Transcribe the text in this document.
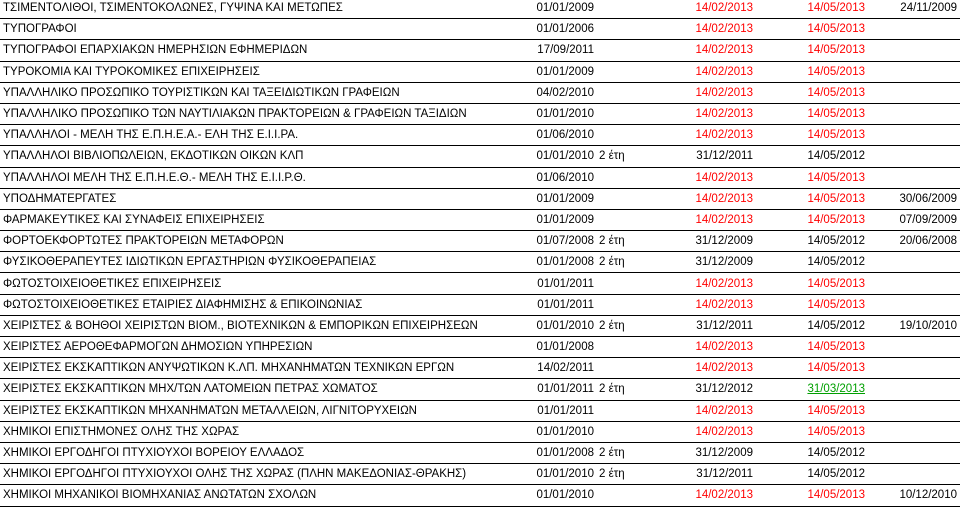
ΤΣΙΜΕΝΤΟΛΙΘΟΙ, ΤΣΙΜΕΝΤΟΚΟΛΩΝΕΣ, ΓΥΨΙΝΑ ΚΑΙ ΜΕΤΩΠΕΣ	01/01/2009		14/02/2013	14/05/2013	24/11/2009
ΤΥΠΟΓΡΑΦΟΙ	01/01/2006		14/02/2013	14/05/2013	
ΤΥΠΟΓΡΑΦΟΙ ΕΠΑΡΧΙΑΚΩΝ ΗΜΕΡΗΣΙΩΝ ΕΦΗΜΕΡΙΔΩΝ	17/09/2011		14/02/2013	14/05/2013	
ΤΥΡΟΚΟΜΙΑ ΚΑΙ ΤΥΡΟΚΟΜΙΚΕΣ ΕΠΙΧΕΙΡΗΣΕΙΣ	01/01/2009		14/02/2013	14/05/2013	
ΥΠΑΛΛΗΛΙΚΟ ΠΡΟΣΩΠΙΚΟ ΤΟΥΡΙΣΤΙΚΩΝ ΚΑΙ ΤΑΞΕΙΔΙΩΤΙΚΩΝ ΓΡΑΦΕΙΩΝ	04/02/2010		14/02/2013	14/05/2013	
ΥΠΑΛΛΗΛΙΚΟ ΠΡΟΣΩΠΙΚΟ ΤΩΝ ΝΑΥΤΙΛΙΑΚΩΝ ΠΡΑΚΤΟΡΕΙΩΝ & ΓΡΑΦΕΙΩΝ ΤΑΞΙΔΙΩΝ	01/01/2010		14/02/2013	14/05/2013	
ΥΠΑΛΛΗΛΟΙ - ΜΕΛΗ ΤΗΣ Ε.Π.Η.Ε.Α.- ΕΛΗ ΤΗΣ Ε.Ι.Ι.ΡΑ.	01/06/2010		14/02/2013	14/05/2013	
ΥΠΑΛΛΗΛΟΙ ΒΙΒΛΙΟΠΩΛΕΙΩΝ, ΕΚΔΟΤΙΚΩΝ ΟΙΚΩΝ ΚΛΠ	01/01/2010	2 έτη	31/12/2011	14/05/2012	
ΥΠΑΛΛΗΛΟΙ ΜΕΛΗ ΤΗΣ Ε.Π.Η.Ε.Θ.- ΜΕΛΗ ΤΗΣ Ε.Ι.Ι.Ρ.Θ.	01/06/2010		14/02/2013	14/05/2013	
ΥΠΟΔΗΜΑΤΕΡΓΑΤΕΣ	01/01/2009		14/02/2013	14/05/2013	30/06/2009
ΦΑΡΜΑΚΕΥΤΙΚΕΣ ΚΑΙ ΣΥΝΑΦΕΙΣ ΕΠΙΧΕΙΡΗΣΕΙΣ	01/01/2009		14/02/2013	14/05/2013	07/09/2009
ΦΟΡΤΟΕΚΦΟΡΤΩΤΕΣ ΠΡΑΚΤΟΡΕΙΩΝ ΜΕΤΑΦΟΡΩΝ	01/07/2008	2 έτη	31/12/2009	14/05/2012	20/06/2008
ΦΥΣΙΚΟΘΕΡΑΠΕΥΤΕΣ ΙΔΙΩΤΙΚΩΝ ΕΡΓΑΣΤΗΡΙΩΝ ΦΥΣΙΚΟΘΕΡΑΠΕΙΑΣ	01/01/2008	2 έτη	31/12/2009	14/05/2012	
ΦΩΤΟΣΤΟΙΧΕΙΟΘΕΤΙΚΕΣ ΕΠΙΧΕΙΡΗΣΕΙΣ	01/01/2011		14/02/2013	14/05/2013	
ΦΩΤΟΣΤΟΙΧΕΙΟΘΕΤΙΚΕΣ ΕΤΑΙΡΙΕΣ ΔΙΑΦΗΜΙΣΗΣ & ΕΠΙΚΟΙΝΩΝΙΑΣ	01/01/2011		14/02/2013	14/05/2013	
ΧΕΙΡΙΣΤΕΣ & ΒΟΗΘΟΙ ΧΕΙΡΙΣΤΩΝ ΒΙΟΜ., ΒΙΟΤΕΧΝΙΚΩΝ & ΕΜΠΟΡΙΚΩΝ ΕΠΙΧΕΙΡΗΣΕΩΝ	01/01/2010	2 έτη	31/12/2011	14/05/2012	19/10/2010
ΧΕΙΡΙΣΤΕΣ ΑΕΡΟΘΕΦΑΡΜΟΓΩΝ ΔΗΜΟΣΙΩΝ ΥΠΗΡΕΣΙΩΝ	01/01/2008		14/02/2013	14/05/2013	
ΧΕΙΡΙΣΤΕΣ ΕΚΣΚΑΠΤΙΚΩΝ ΑΝΥΨΩΤΙΚΩΝ Κ.ΛΠ. ΜΗΧΑΝΗΜΑΤΩΝ ΤΕΧΝΙΚΩΝ ΕΡΓΩΝ	14/02/2011		14/02/2013	14/05/2013	
ΧΕΙΡΙΣΤΕΣ ΕΚΣΚΑΠΤΙΚΩΝ ΜΗΧ/ΤΩΝ ΛΑΤΟΜΕΙΩΝ ΠΕΤΡΑΣ ΧΩΜΑΤΟΣ	01/01/2011	2 έτη	31/12/2012	31/03/2013	
ΧΕΙΡΙΣΤΕΣ ΕΚΣΚΑΠΤΙΚΩΝ ΜΗΧΑΝΗΜΑΤΩΝ ΜΕΤΑΛΛΕΙΩΝ, ΛΙΓΝΙΤΟΡΥΧΕΙΩΝ	01/01/2011		14/02/2013	14/05/2013	
ΧΗΜΙΚΟΙ ΕΠΙΣΤΗΜΟΝΕΣ ΟΛΗΣ ΤΗΣ ΧΩΡΑΣ	01/01/2010		14/02/2013	14/05/2013	
ΧΗΜΙΚΟΙ ΕΡΓΟΔΗΓΟΙ ΠΤΥΧΙΟΥΧΟΙ ΒΟΡΕΙΟΥ ΕΛΛΑΔΟΣ	01/01/2008	2 έτη	31/12/2009	14/05/2012	
ΧΗΜΙΚΟΙ ΕΡΓΟΔΗΓΟΙ ΠΤΥΧΙΟΥΧΟΙ ΟΛΗΣ ΤΗΣ ΧΩΡΑΣ (ΠΛΗΝ ΜΑΚΕΔΟΝΙΑΣ-ΘΡΑΚΗΣ)	01/01/2010	2 έτη	31/12/2011	14/05/2012	
ΧΗΜΙΚΟΙ ΜΗΧΑΝΙΚΟΙ ΒΙΟΜΗΧΑΝΙΑΣ ΑΝΩΤΑΤΩΝ ΣΧΟΛΩΝ	01/01/2010		14/02/2013	14/05/2013	10/12/2010
